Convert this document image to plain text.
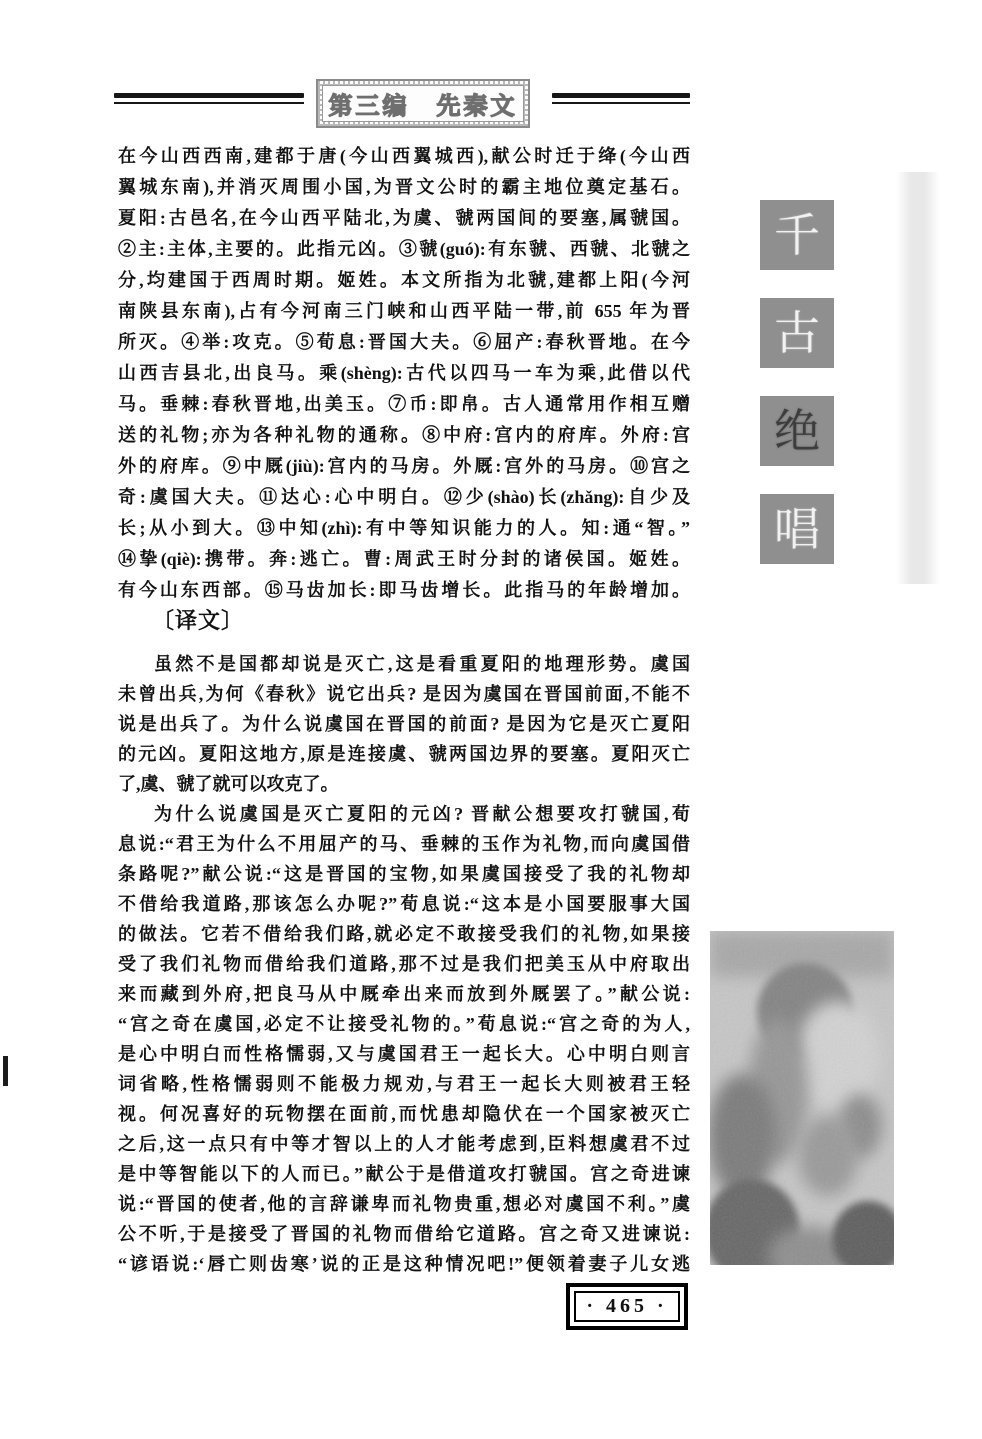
第三编　先秦文
在今山西西南,建都于唐(今山西翼城西),献公时迁于绛(今山西
翼城东南),并消灭周围小国,为晋文公时的霸主地位奠定基石。
夏阳:古邑名,在今山西平陆北,为虞、虢两国间的要塞,属虢国。
②主:主体,主要的。此指元凶。③虢(guó):有东虢、西虢、北虢之
分,均建国于西周时期。姬姓。本文所指为北虢,建都上阳(今河
南陕县东南),占有今河南三门峡和山西平陆一带,前 655 年为晋
所灭。④举:攻克。⑤荀息:晋国大夫。⑥屈产:春秋晋地。在今
山西吉县北,出良马。乘(shèng):古代以四马一车为乘,此借以代
马。垂棘:春秋晋地,出美玉。⑦币:即帛。古人通常用作相互赠
送的礼物;亦为各种礼物的通称。⑧中府:宫内的府库。外府:宫
外的府库。⑨中厩(jiù):宫内的马房。外厩:宫外的马房。⑩宫之
奇:虞国大夫。⑪达心:心中明白。⑫少(shào)长(zhǎng):自少及
长;从小到大。⑬中知(zhì):有中等知识能力的人。知:通“智。”
⑭挚(qiè):携带。奔:逃亡。曹:周武王时分封的诸侯国。姬姓。
有今山东西部。⑮马齿加长:即马齿增长。此指马的年龄增加。
〔译文〕
虽然不是国都却说是灭亡,这是看重夏阳的地理形势。虞国
未曾出兵,为何《春秋》说它出兵? 是因为虞国在晋国前面,不能不
说是出兵了。为什么说虞国在晋国的前面? 是因为它是灭亡夏阳
的元凶。夏阳这地方,原是连接虞、虢两国边界的要塞。夏阳灭亡
了,虞、虢了就可以攻克了。
为什么说虞国是灭亡夏阳的元凶? 晋献公想要攻打虢国,荀
息说:“君王为什么不用屈产的马、垂棘的玉作为礼物,而向虞国借
条路呢?”献公说:“这是晋国的宝物,如果虞国接受了我的礼物却
不借给我道路,那该怎么办呢?”荀息说:“这本是小国要服事大国
的做法。它若不借给我们路,就必定不敢接受我们的礼物,如果接
受了我们礼物而借给我们道路,那不过是我们把美玉从中府取出
来而藏到外府,把良马从中厩牵出来而放到外厩罢了。”献公说:
“宫之奇在虞国,必定不让接受礼物的。”荀息说:“宫之奇的为人,
是心中明白而性格懦弱,又与虞国君王一起长大。心中明白则言
词省略,性格懦弱则不能极力规劝,与君王一起长大则被君王轻
视。何况喜好的玩物摆在面前,而忧患却隐伏在一个国家被灭亡
之后,这一点只有中等才智以上的人才能考虑到,臣料想虞君不过
是中等智能以下的人而已。”献公于是借道攻打虢国。宫之奇进谏
说:“晋国的使者,他的言辞谦卑而礼物贵重,想必对虞国不利。”虞
公不听,于是接受了晋国的礼物而借给它道路。宫之奇又进谏说:
“谚语说:‘唇亡则齿寒’说的正是这种情况吧!”便领着妻子儿女逃
千
古
绝
唱
· 465 ·
